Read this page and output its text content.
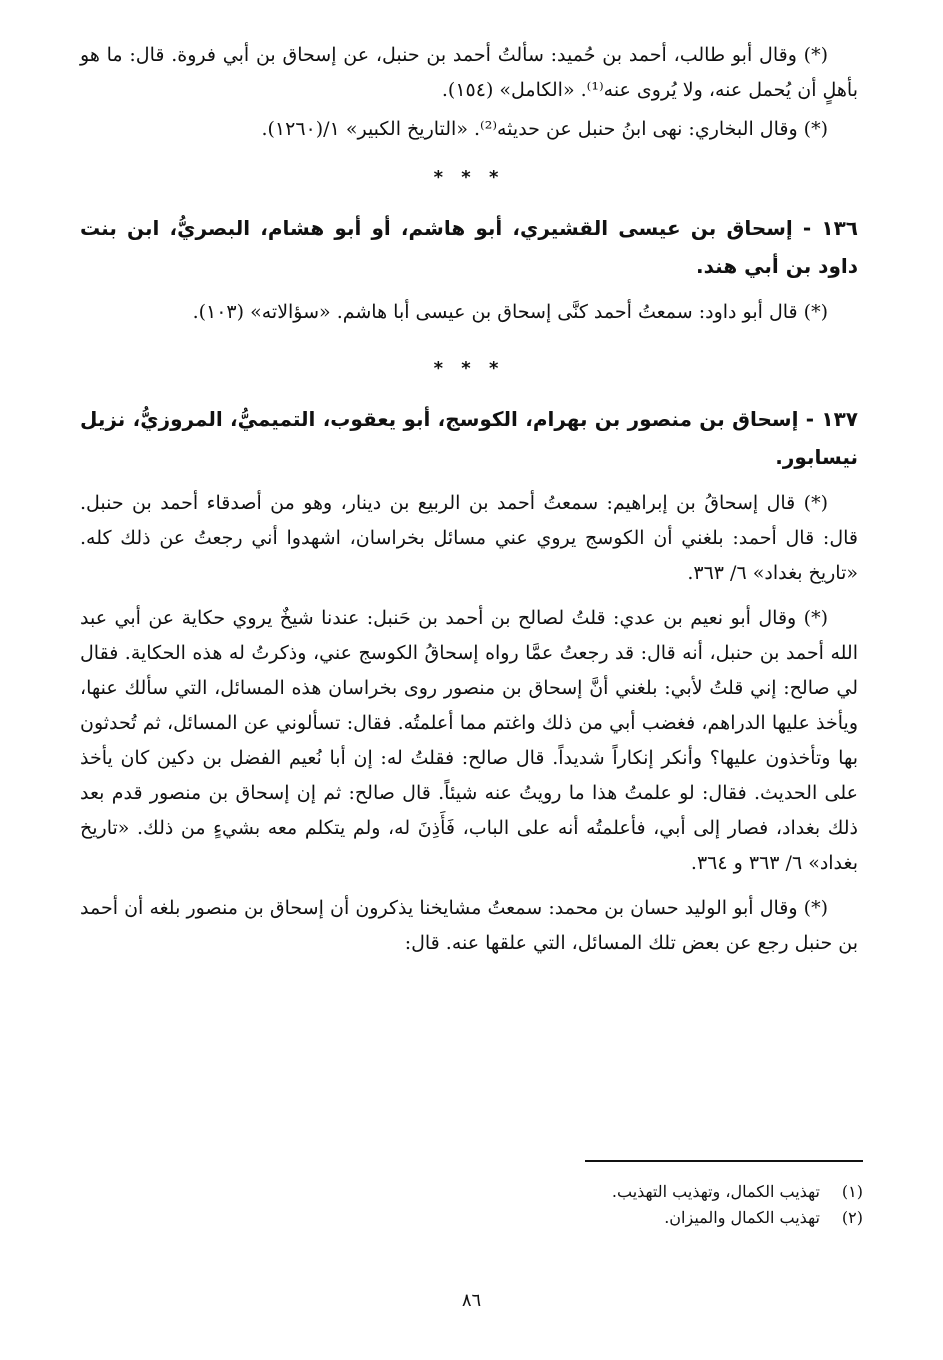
(*) وقال أبو طالب، أحمد بن حُميد: سألتُ أحمد بن حنبل، عن إسحاق بن أبي فروة. قال: ما هو بأهلٍ أن يُحمل عنه، ولا يُروى عنه⁽¹⁾. «الكامل» (١٥٤).

(*) وقال البخاري: نهى ابنُ حنبل عن حديثه⁽²⁾. «التاريخ الكبير» ١/(١٢٦٠).

* * *

١٣٦ - إسحاق بن عيسى القشيري، أبو هاشم، أو أبو هشام، البصريُّ، ابن بنت داود بن أبي هند.

(*) قال أبو داود: سمعتُ أحمد كنَّى إسحاق بن عيسى أبا هاشم. «سؤالاته» (١٠٣).

* * *

١٣٧ - إسحاق بن منصور بن بهرام، الكوسج، أبو يعقوب، التميميُّ، المروزيُّ، نزيل نيسابور.

(*) قال إسحاقُ بن إبراهيم: سمعتُ أحمد بن الربيع بن دينار، وهو من أصدقاء أحمد بن حنبل. قال: قال أحمد: بلغني أن الكوسج يروي عني مسائل بخراسان، اشهدوا أني رجعتُ عن ذلك كله. «تاريخ بغداد» ٦/ ٣٦٣.

(*) وقال أبو نعيم بن عدي: قلتُ لصالح بن أحمد بن حَنبل: عندنا شيخٌ يروي حكاية عن أبي عبد الله أحمد بن حنبل، أنه قال: قد رجعتُ عمَّا رواه إسحاقُ الكوسج عني، وذكرتُ له هذه الحكاية. فقال لي صالح: إني قلتُ لأبي: بلغني أنَّ إسحاق بن منصور روى بخراسان هذه المسائل، التي سألك عنها، ويأخذ عليها الدراهم، فغضب أبي من ذلك واغتم مما أعلمتُه. فقال: تسألوني عن المسائل، ثم تُحدثون بها وتأخذون عليها؟ وأنكر إنكاراً شديداً. قال صالح: فقلتُ له: إن أبا نُعيم الفضل بن دكين كان يأخذ على الحديث. فقال: لو علمتُ هذا ما رويتُ عنه شيئاً. قال صالح: ثم إن إسحاق بن منصور قدم بعد ذلك بغداد، فصار إلى أبي، فأعلمتُه أنه على الباب، فَأَذِنَ له، ولم يتكلم معه بشيءٍ من ذلك. «تاريخ بغداد» ٦/ ٣٦٣ و ٣٦٤.

(*) وقال أبو الوليد حسان بن محمد: سمعتُ مشايخنا يذكرون أن إسحاق بن منصور بلغه أن أحمد بن حنبل رجع عن بعض تلك المسائل، التي علقها عنه. قال:

(١) تهذيب الكمال، وتهذيب التهذيب.

(٢) تهذيب الكمال والميزان.

٨٦
